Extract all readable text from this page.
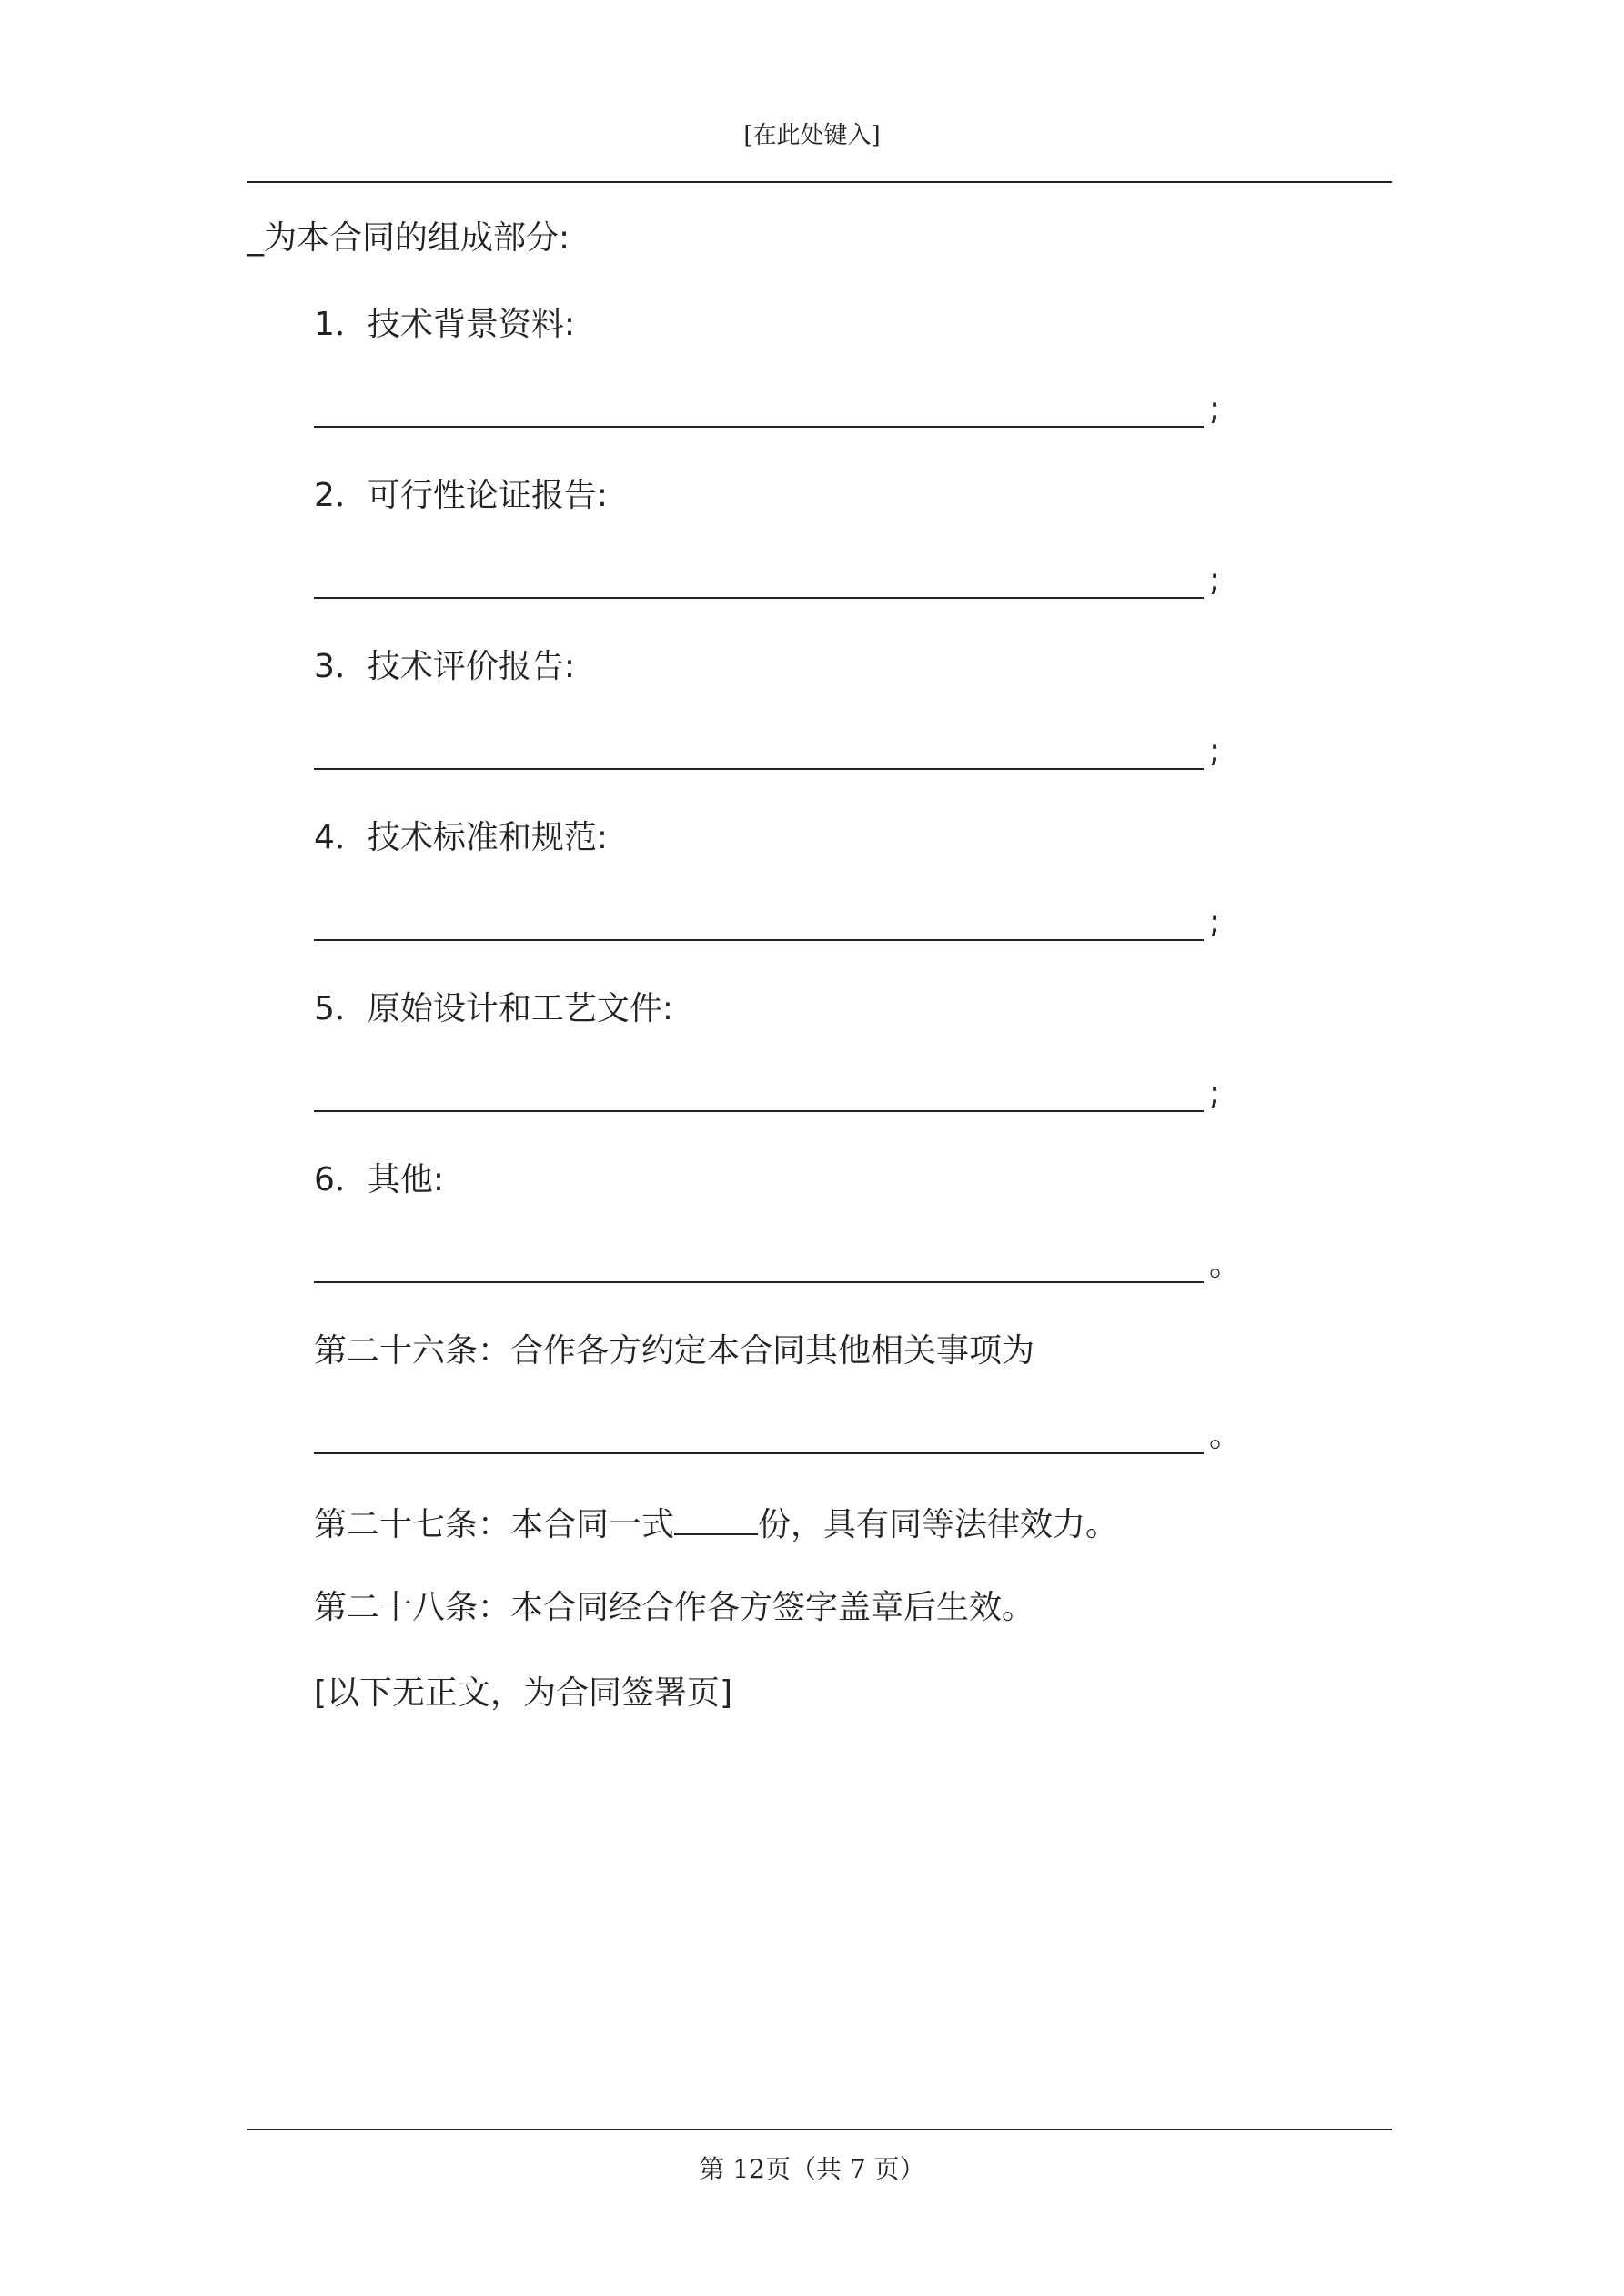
[在此处键入]
_为本合同的组成部分:
1．技术背景资料:
;
2．可行性论证报告:
;
3．技术评价报告:
;
4．技术标准和规范:
;
5．原始设计和工艺文件:
;
6．其他:
。
第二十六条：合作各方约定本合同其他相关事项为
。
第二十七条：本合同一式	份，具有同等法律效力。
第二十八条：本合同经合作各方签字盖章后生效。
[以下无正文，为合同签署页]
第 12页（共 7 页）
